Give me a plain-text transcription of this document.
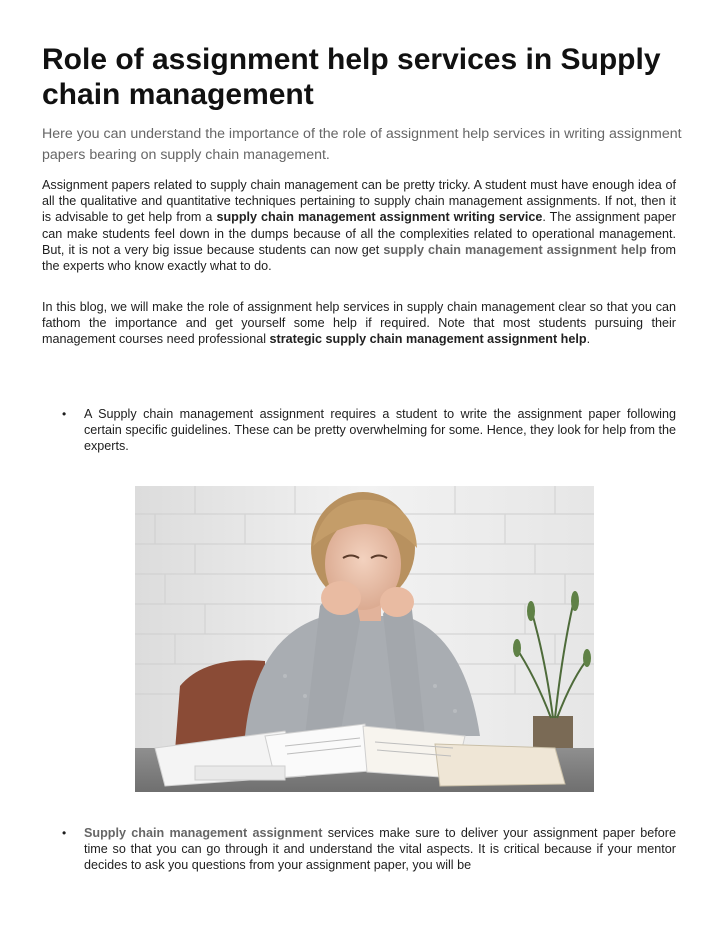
Role of assignment help services in Supply chain management

Here you can understand the importance of the role of assignment help services in writing assignment papers bearing on supply chain management.

Assignment papers related to supply chain management can be pretty tricky. A student must have enough idea of all the qualitative and quantitative techniques pertaining to supply chain management assignments. If not, then it is advisable to get help from a supply chain management assignment writing service. The assignment paper can make students feel down in the dumps because of all the complexities related to operational management. But, it is not a very big issue because students can now get supply chain management assignment help from the experts who know exactly what to do.

In this blog, we will make the role of assignment help services in supply chain management clear so that you can fathom the importance and get yourself some help if required. Note that most students pursuing their management courses need professional strategic supply chain management assignment help.

• A Supply chain management assignment requires a student to write the assignment paper following certain specific guidelines. These can be pretty overwhelming for some. Hence, they look for help from the experts.

• Supply chain management assignment services make sure to deliver your assignment paper before time so that you can go through it and understand the vital aspects. It is critical because if your mentor decides to ask you questions from your assignment paper, you will be
